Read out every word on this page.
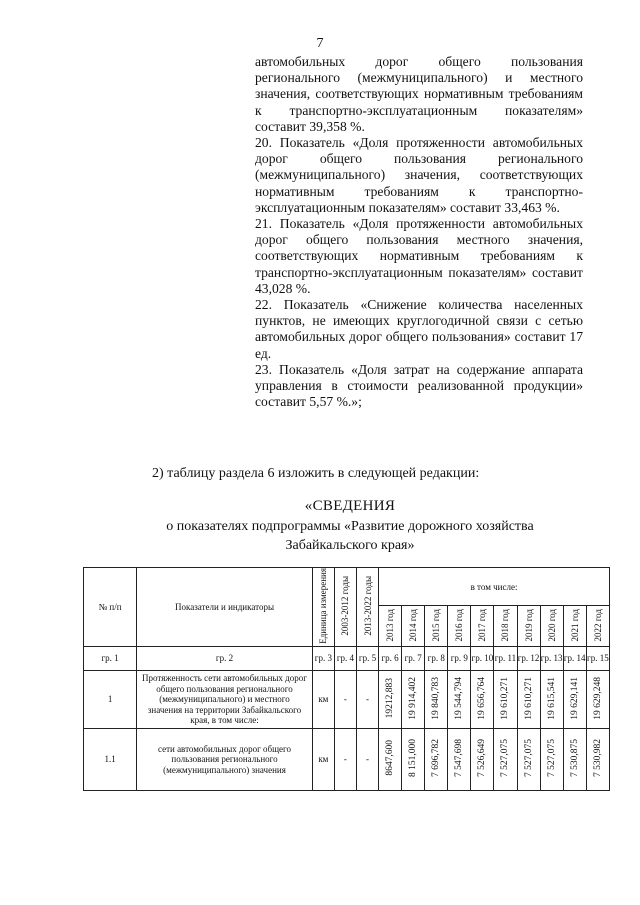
7

автомобильных дорог общего пользования регионального (межмуниципального) и местного значения, соответствующих нормативным требованиям к транспортно-эксплуатационным показателям» составит 39,358 %.

20. Показатель «Доля протяженности автомобильных дорог общего пользования регионального (межмуниципального) значения, соответствующих нормативным требованиям к транспортно-эксплуатационным показателям» составит 33,463 %.

21. Показатель «Доля протяженности автомобильных дорог общего пользования местного значения, соответствующих нормативным требованиям к транспортно-эксплуатационным показателям» составит 43,028 %.

22. Показатель «Снижение количества населенных пунктов, не имеющих круглогодичной связи с сетью автомобильных дорог общего пользования» составит 17 ед.

23. Показатель «Доля затрат на содержание аппарата управления в стоимости реализованной продукции» составит 5,57 %.»;

2) таблицу раздела 6 изложить в следующей редакции:
«СВЕДЕНИЯ
о показателях подпрограммы «Развитие дорожного хозяйства
Забайкальского края»
№ п/п	Показатели и индикаторы	Единица измерения	2003-2012 годы	2013-2022 годы	в том числе:									
					2013 год	2014 год	2015 год	2016 год	2017 год	2018 год	2019 год	2020 год	2021 год	2022 год
гр. 1	гр. 2	гр. 3	гр. 4	гр. 5	гр. 6	гр. 7	гр. 8	гр. 9	гр. 10	гр. 11	гр. 12	гр. 13	гр. 14	гр. 15
1	Протяженность сети автомобильных дорог общего пользования регионального (межмуниципального) и местного значения на территории Забайкальского края, в том числе:	км	-	-	19212,883	19 914,402	19 840,783	19 544,794	19 656,764	19 610,271	19 610,271	19 615,541	19 629,141	19 629,248
1.1	сети автомобильных дорог общего пользования регионального (межмуниципального) значения	км	-	-	8647,600	8 151,000	7 696,782	7 547,698	7 526,649	7 527,075	7 527,075	7 527,075	7 530,875	7 530,982
